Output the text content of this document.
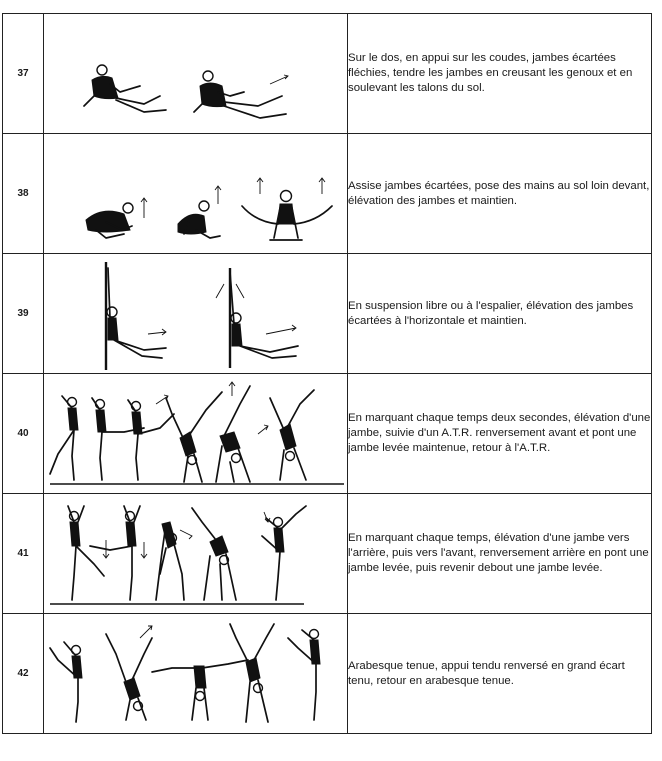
37		Sur le dos, en appui sur les coudes, jambes écartées fléchies, tendre les jambes en creusant les genoux et en soulevant les talons du sol.
38		Assise jambes écartées, pose des mains au sol loin devant, élévation des jambes et maintien.
39		En suspension libre ou à l'espalier, élévation des jambes écartées à l'horizontale et maintien.
40		En marquant chaque temps deux secondes, élévation d'une jambe, suivie d'un A.T.R. renversement avant et pont une jambe levée maintenue, retour à l'A.T.R.
41		En marquant chaque temps, élévation d'une jambe vers l'arrière, puis vers l'avant, renversement arrière en pont une jambe levée, puis revenir debout une jambe levée.
42		Arabesque tenue, appui tendu renversé en grand écart tenu, retour en arabesque tenue.
